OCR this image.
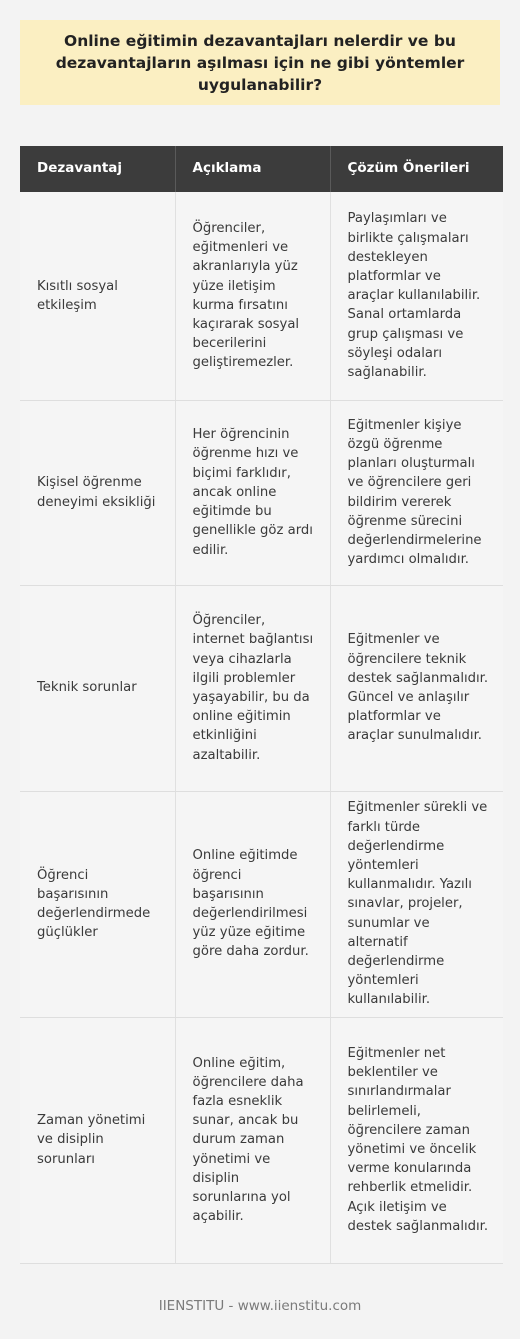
Online eğitimin dezavantajları nelerdir ve bu dezavantajların aşılması için ne gibi yöntemler uygulanabilir?
Dezavantaj	Açıklama	Çözüm Önerileri
Kısıtlı sosyal etkileşim	Öğrenciler, eğitmenleri ve akranlarıyla yüz yüze iletişim kurma fırsatını kaçırarak sosyal becerilerini geliştiremezler.	Paylaşımları ve birlikte çalışmaları destekleyen platformlar ve araçlar kullanılabilir. Sanal ortamlarda grup çalışması ve söyleşi odaları sağlanabilir.
Kişisel öğrenme deneyimi eksikliği	Her öğrencinin öğrenme hızı ve biçimi farklıdır, ancak online eğitimde bu genellikle göz ardı edilir.	Eğitmenler kişiye özgü öğrenme planları oluşturmalı ve öğrencilere geri bildirim vererek öğrenme sürecini değerlendirmelerine yardımcı olmalıdır.
Teknik sorunlar	Öğrenciler, internet bağlantısı veya cihazlarla ilgili problemler yaşayabilir, bu da online eğitimin etkinliğini azaltabilir.	Eğitmenler ve öğrencilere teknik destek sağlanmalıdır. Güncel ve anlaşılır platformlar ve araçlar sunulmalıdır.
Öğrenci başarısının değerlendirmede güçlükler	Online eğitimde öğrenci başarısının değerlendirilmesi yüz yüze eğitime göre daha zordur.	Eğitmenler sürekli ve farklı türde değerlendirme yöntemleri kullanmalıdır. Yazılı sınavlar, projeler, sunumlar ve alternatif değerlendirme yöntemleri kullanılabilir.
Zaman yönetimi ve disiplin sorunları	Online eğitim, öğrencilere daha fazla esneklik sunar, ancak bu durum zaman yönetimi ve disiplin sorunlarına yol açabilir.	Eğitmenler net beklentiler ve sınırlandırmalar belirlemeli, öğrencilere zaman yönetimi ve öncelik verme konularında rehberlik etmelidir. Açık iletişim ve destek sağlanmalıdır.
IIENSTITU - www.iienstitu.com
